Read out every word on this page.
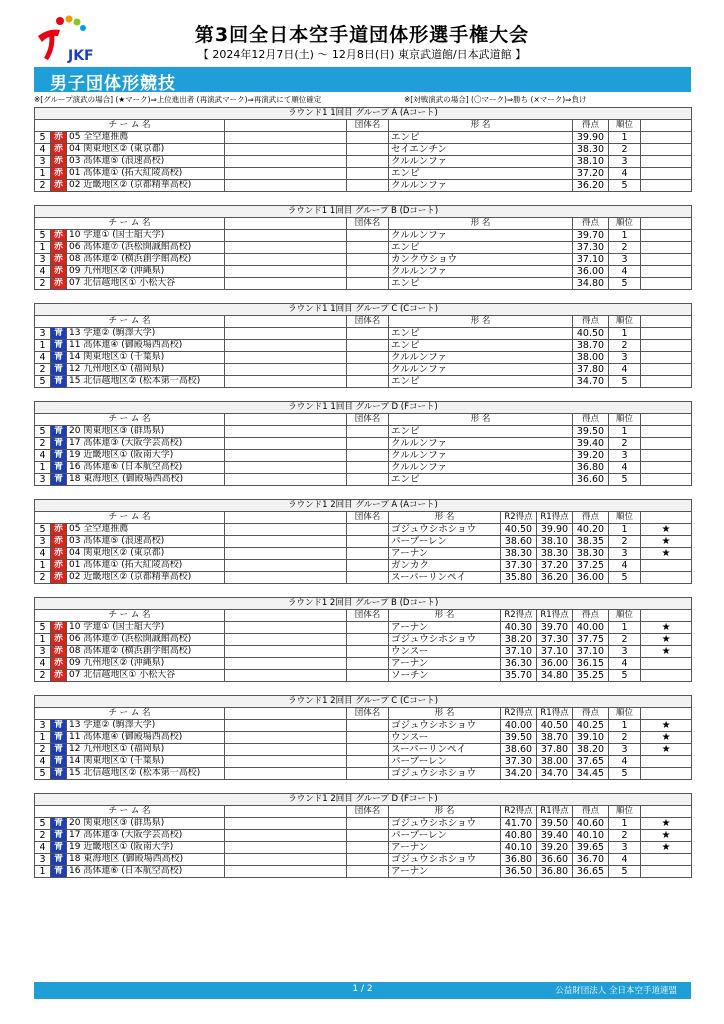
JKF
第3回全日本空手道団体形選手権大会
【 2024年12月7日(土) ～ 12月8日(日) 東京武道館/日本武道館 】
男子団体形競技
※[グループ演武の場合] (★マーク)⇒上位進出者 (再演武マーク)⇒再演武にて順位確定	※[対戦演武の場合] (〇マーク)⇒勝ち (×マーク)⇒負け
ラウンド1 1回目 グループ A (Aコート)								
チ ー ム 名				団体名	形 名	得点	順位	
5	赤	05 全空連推薦			エンピ	39.90	1	
4	赤	04 関東地区② (東京都)			セイエンチン	38.30	2	
3	赤	03 高体連⑤ (浪速高校)			クルルンファ	38.10	3	
1	赤	01 高体連① (拓大紅陵高校)			エンピ	37.20	4	
2	赤	02 近畿地区② (京都精華高校)			クルルンファ	36.20	5	
ラウンド1 1回目 グループ B (Dコート)								
チ ー ム 名				団体名	形 名	得点	順位	
5	赤	10 学連① (国士舘大学)			クルルンファ	39.70	1	
1	赤	06 高体連⑦ (浜松開誠館高校)			エンピ	37.30	2	
3	赤	08 高体連② (横浜創学館高校)			カンクウショウ	37.10	3	
4	赤	09 九州地区② (沖縄県)			クルルンファ	36.00	4	
2	赤	07 北信越地区① 小松大谷			エンピ	34.80	5	
ラウンド1 1回目 グループ C (Cコート)								
チ ー ム 名				団体名	形 名	得点	順位	
3	青	13 学連② (駒澤大学)			エンピ	40.50	1	
1	青	11 高体連④ (御殿場西高校)			エンピ	38.70	2	
4	青	14 関東地区① (千葉県)			クルルンファ	38.00	3	
2	青	12 九州地区① (福岡県)			クルルンファ	37.80	4	
5	青	15 北信越地区② (松本第一高校)			エンピ	34.70	5	
ラウンド1 1回目 グループ D (Fコート)								
チ ー ム 名				団体名	形 名	得点	順位	
5	青	20 関東地区③ (群馬県)			エンピ	39.50	1	
2	青	17 高体連③ (大阪学芸高校)			クルルンファ	39.40	2	
4	青	19 近畿地区① (阪南大学)			クルルンファ	39.20	3	
1	青	16 高体連⑥ (日本航空高校)			クルルンファ	36.80	4	
3	青	18 東海地区 (御殿場西高校)			エンピ	36.60	5	
ラウンド1 2回目 グループ A (Aコート)										
チ ー ム 名				団体名	形 名	R2得点	R1得点	得点	順位	
5	赤	05 全空連推薦			ゴジュウシホショウ	40.50	39.90	40.20	1	★
3	赤	03 高体連⑤ (浪速高校)			パープーレン	38.60	38.10	38.35	2	★
4	赤	04 関東地区② (東京都)			アーナン	38.30	38.30	38.30	3	★
1	赤	01 高体連① (拓大紅陵高校)			ガンカク	37.30	37.20	37.25	4	
2	赤	02 近畿地区② (京都精華高校)			スーパーリンペイ	35.80	36.20	36.00	5	
ラウンド1 2回目 グループ B (Dコート)										
チ ー ム 名				団体名	形 名	R2得点	R1得点	得点	順位	
5	赤	10 学連① (国士舘大学)			アーナン	40.30	39.70	40.00	1	★
1	赤	06 高体連⑦ (浜松開誠館高校)			ゴジュウシホショウ	38.20	37.30	37.75	2	★
3	赤	08 高体連② (横浜創学館高校)			ウンスー	37.10	37.10	37.10	3	★
4	赤	09 九州地区② (沖縄県)			アーナン	36.30	36.00	36.15	4	
2	赤	07 北信越地区① 小松大谷			ソーチン	35.70	34.80	35.25	5	
ラウンド1 2回目 グループ C (Cコート)										
チ ー ム 名				団体名	形 名	R2得点	R1得点	得点	順位	
3	青	13 学連② (駒澤大学)			ゴジュウシホショウ	40.00	40.50	40.25	1	★
1	青	11 高体連④ (御殿場西高校)			ウンスー	39.50	38.70	39.10	2	★
2	青	12 九州地区① (福岡県)			スーパーリンペイ	38.60	37.80	38.20	3	★
4	青	14 関東地区① (千葉県)			パープーレン	37.30	38.00	37.65	4	
5	青	15 北信越地区② (松本第一高校)			ゴジュウシホショウ	34.20	34.70	34.45	5	
ラウンド1 2回目 グループ D (Fコート)										
チ ー ム 名				団体名	形 名	R2得点	R1得点	得点	順位	
5	青	20 関東地区③ (群馬県)			ゴジュウシホショウ	41.70	39.50	40.60	1	★
2	青	17 高体連③ (大阪学芸高校)			パープーレン	40.80	39.40	40.10	2	★
4	青	19 近畿地区① (阪南大学)			アーナン	40.10	39.20	39.65	3	★
3	青	18 東海地区 (御殿場西高校)			ゴジュウシホショウ	36.80	36.60	36.70	4	
1	青	16 高体連⑥ (日本航空高校)			アーナン	36.50	36.80	36.65	5	
1 / 2	公益財団法人 全日本空手道連盟
